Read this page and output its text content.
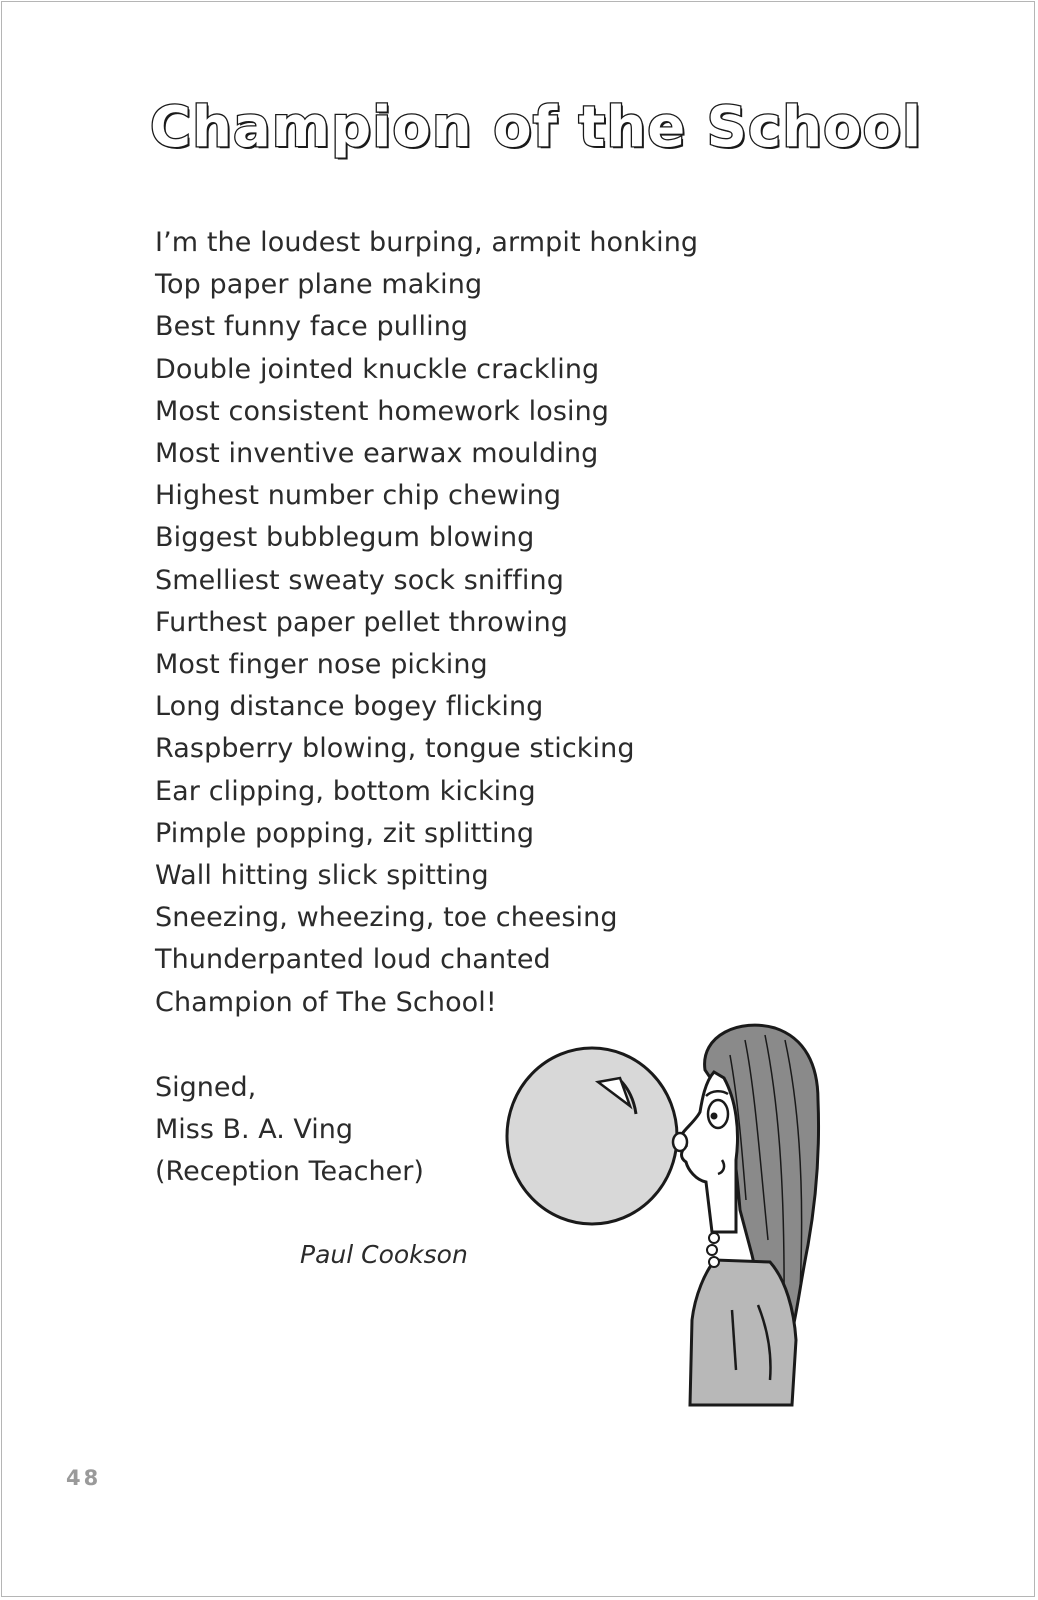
Champion of the School
I’m the loudest burping, armpit honking
Top paper plane making
Best funny face pulling
Double jointed knuckle crackling
Most consistent homework losing
Most inventive earwax moulding
Highest number chip chewing
Biggest bubblegum blowing
Smelliest sweaty sock sniffing
Furthest paper pellet throwing
Most finger nose picking
Long distance bogey flicking
Raspberry blowing, tongue sticking
Ear clipping, bottom kicking
Pimple popping, zit splitting
Wall hitting slick spitting
Sneezing, wheezing, toe cheesing
Thunderpanted loud chanted
Champion of The School!
Signed,
Miss B. A. Ving
(Reception Teacher)
Paul Cookson
48
